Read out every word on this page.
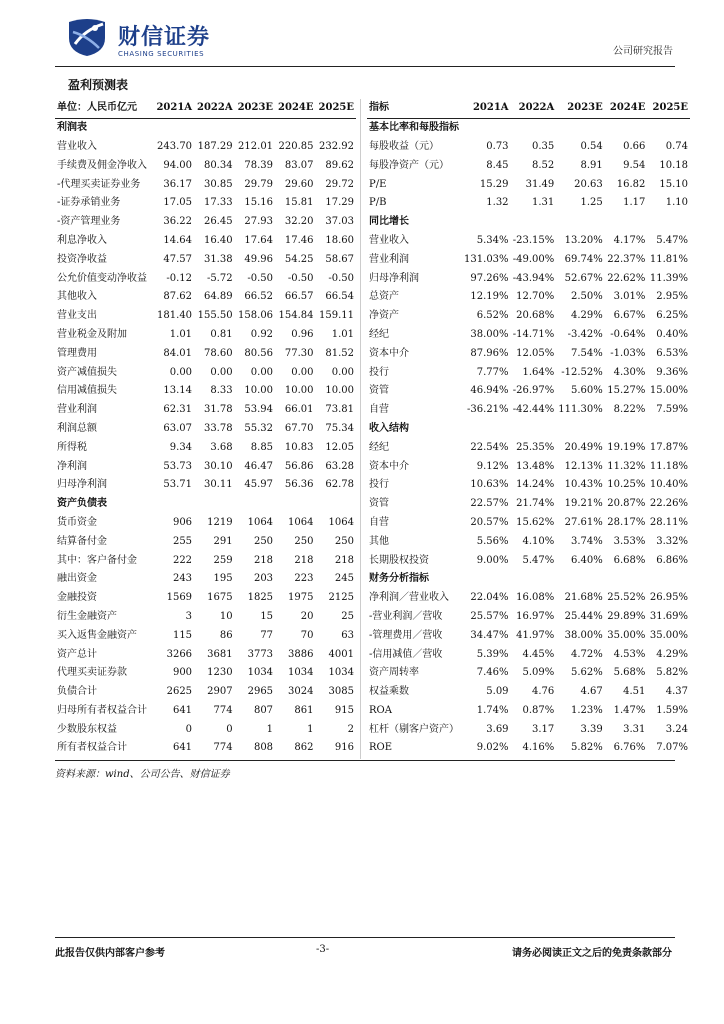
财信证券
CHASING SECURITIES	公司研究报告
盈利预测表
单位：人民币亿元	2021A	2022A	2023E	2024E	2025E
利润表					
营业收入	243.70	187.29	212.01	220.85	232.92
手续费及佣金净收入	94.00	80.34	78.39	83.07	89.62
-代理买卖证券业务	36.17	30.85	29.79	29.60	29.72
-证券承销业务	17.05	17.33	15.16	15.81	17.29
-资产管理业务	36.22	26.45	27.93	32.20	37.03
利息净收入	14.64	16.40	17.64	17.46	18.60
投资净收益	47.57	31.38	49.96	54.25	58.67
公允价值变动净收益	-0.12	-5.72	-0.50	-0.50	-0.50
其他收入	87.62	64.89	66.52	66.57	66.54
营业支出	181.40	155.50	158.06	154.84	159.11
营业税金及附加	1.01	0.81	0.92	0.96	1.01
管理费用	84.01	78.60	80.56	77.30	81.52
资产减值损失	0.00	0.00	0.00	0.00	0.00
信用减值损失	13.14	8.33	10.00	10.00	10.00
营业利润	62.31	31.78	53.94	66.01	73.81
利润总额	63.07	33.78	55.32	67.70	75.34
所得税	9.34	3.68	8.85	10.83	12.05
净利润	53.73	30.10	46.47	56.86	63.28
归母净利润	53.71	30.11	45.97	56.36	62.78
资产负债表					
货币资金	906	1219	1064	1064	1064
结算备付金	255	291	250	250	250
其中：客户备付金	222	259	218	218	218
融出资金	243	195	203	223	245
金融投资	1569	1675	1825	1975	2125
衍生金融资产	3	10	15	20	25
买入返售金融资产	115	86	77	70	63
资产总计	3266	3681	3773	3886	4001
代理买卖证券款	900	1230	1034	1034	1034
负债合计	2625	2907	2965	3024	3085
归母所有者权益合计	641	774	807	861	915
少数股东权益	0	0	1	1	2
所有者权益合计	641	774	808	862	916
指标	2021A	2022A	2023E	2024E	2025E
基本比率和每股指标					
每股收益（元）	0.73	0.35	0.54	0.66	0.74
每股净资产（元）	8.45	8.52	8.91	9.54	10.18
P/E	15.29	31.49	20.63	16.82	15.10
P/B	1.32	1.31	1.25	1.17	1.10
同比增长					
营业收入	5.34%	-23.15%	13.20%	4.17%	5.47%
营业利润	131.03%	-49.00%	69.74%	22.37%	11.81%
归母净利润	97.26%	-43.94%	52.67%	22.62%	11.39%
总资产	12.19%	12.70%	2.50%	3.01%	2.95%
净资产	6.52%	20.68%	4.29%	6.67%	6.25%
经纪	38.00%	-14.71%	-3.42%	-0.64%	0.40%
资本中介	87.96%	12.05%	7.54%	-1.03%	6.53%
投行	7.77%	1.64%	-12.52%	4.30%	9.36%
资管	46.94%	-26.97%	5.60%	15.27%	15.00%
自营	-36.21%	-42.44%	111.30%	8.22%	7.59%
收入结构					
经纪	22.54%	25.35%	20.49%	19.19%	17.87%
资本中介	9.12%	13.48%	12.13%	11.32%	11.18%
投行	10.63%	14.24%	10.43%	10.25%	10.40%
资管	22.57%	21.74%	19.21%	20.87%	22.26%
自营	20.57%	15.62%	27.61%	28.17%	28.11%
其他	5.56%	4.10%	3.74%	3.53%	3.32%
长期股权投资	9.00%	5.47%	6.40%	6.68%	6.86%
财务分析指标					
净利润／营业收入	22.04%	16.08%	21.68%	25.52%	26.95%
-营业利润／营收	25.57%	16.97%	25.44%	29.89%	31.69%
-管理费用／营收	34.47%	41.97%	38.00%	35.00%	35.00%
-信用减值／营收	5.39%	4.45%	4.72%	4.53%	4.29%
资产周转率	7.46%	5.09%	5.62%	5.68%	5.82%
权益乘数	5.09	4.76	4.67	4.51	4.37
ROA	1.74%	0.87%	1.23%	1.47%	1.59%
杠杆（剔客户资产）	3.69	3.17	3.39	3.31	3.24
ROE	9.02%	4.16%	5.82%	6.76%	7.07%
资料来源：wind、公司公告、财信证券
此报告仅供内部客户参考	-3-	请务必阅读正文之后的免责条款部分
